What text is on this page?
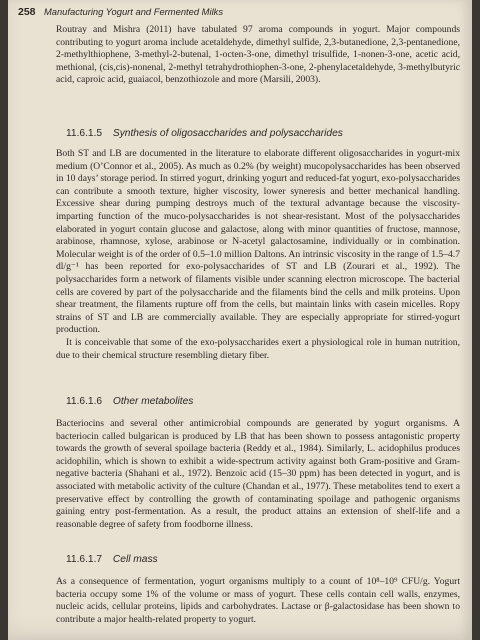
258 Manufacturing Yogurt and Fermented Milks

Routray and Mishra (2011) have tabulated 97 aroma compounds in yogurt. Major compounds contributing to yogurt aroma include acetaldehyde, dimethyl sulfide, 2,3-butanedione, 2,3-pentanedione, 2-methylthiophene, 3-methyl-2-butenal, 1-octen-3-one, dimethyl trisulfide, 1-nonen-3-one, acetic acid, methional, (cis,cis)-nonenal, 2-methyl tetrahydrothiophen-3-one, 2-phenylacetaldehyde, 3-methylbutyric acid, caproic acid, guaiacol, benzothiozole and more (Marsili, 2003).

11.6.1.5 Synthesis of oligosaccharides and polysaccharides

Both ST and LB are documented in the literature to elaborate different oligosaccharides in yogurt-mix medium (O’Connor et al., 2005). As much as 0.2% (by weight) mucopolysaccharides has been observed in 10 days’ storage period. In stirred yogurt, drinking yogurt and reduced-fat yogurt, exo-polysaccharides can contribute a smooth texture, higher viscosity, lower syneresis and better mechanical handling. Excessive shear during pumping destroys much of the textural advantage because the viscosity-imparting function of the muco-polysaccharides is not shear-resistant. Most of the polysaccharides elaborated in yogurt contain glucose and galactose, along with minor quantities of fructose, mannose, arabinose, rhamnose, xylose, arabinose or N-acetyl galactosamine, individually or in combination. Molecular weight is of the order of 0.5–1.0 million Daltons. An intrinsic viscosity in the range of 1.5–4.7 dl/g⁻¹ has been reported for exo-polysaccharides of ST and LB (Zourari et al., 1992). The polysaccharides form a network of filaments visible under scanning electron microscope. The bacterial cells are covered by part of the polysaccharide and the filaments bind the cells and milk proteins. Upon shear treatment, the filaments rupture off from the cells, but maintain links with casein micelles. Ropy strains of ST and LB are commercially available. They are especially appropriate for stirred-yogurt production.

It is conceivable that some of the exo-polysaccharides exert a physiological role in human nutrition, due to their chemical structure resembling dietary fiber.

11.6.1.6 Other metabolites

Bacteriocins and several other antimicrobial compounds are generated by yogurt organisms. A bacteriocin called bulgarican is produced by LB that has been shown to possess antagonistic property towards the growth of several spoilage bacteria (Reddy et al., 1984). Similarly, L. acidophilus produces acidophilin, which is shown to exhibit a wide-spectrum activity against both Gram-positive and Gram-negative bacteria (Shahani et al., 1972). Benzoic acid (15–30 ppm) has been detected in yogurt, and is associated with metabolic activity of the culture (Chandan et al., 1977). These metabolites tend to exert a preservative effect by controlling the growth of contaminating spoilage and pathogenic organisms gaining entry post-fermentation. As a result, the product attains an extension of shelf-life and a reasonable degree of safety from foodborne illness.

11.6.1.7 Cell mass

As a consequence of fermentation, yogurt organisms multiply to a count of 10⁸–10⁹ CFU/g. Yogurt bacteria occupy some 1% of the volume or mass of yogurt. These cells contain cell walls, enzymes, nucleic acids, cellular proteins, lipids and carbohydrates. Lactase or β-galactosidase has been shown to contribute a major health-related property to yogurt.
